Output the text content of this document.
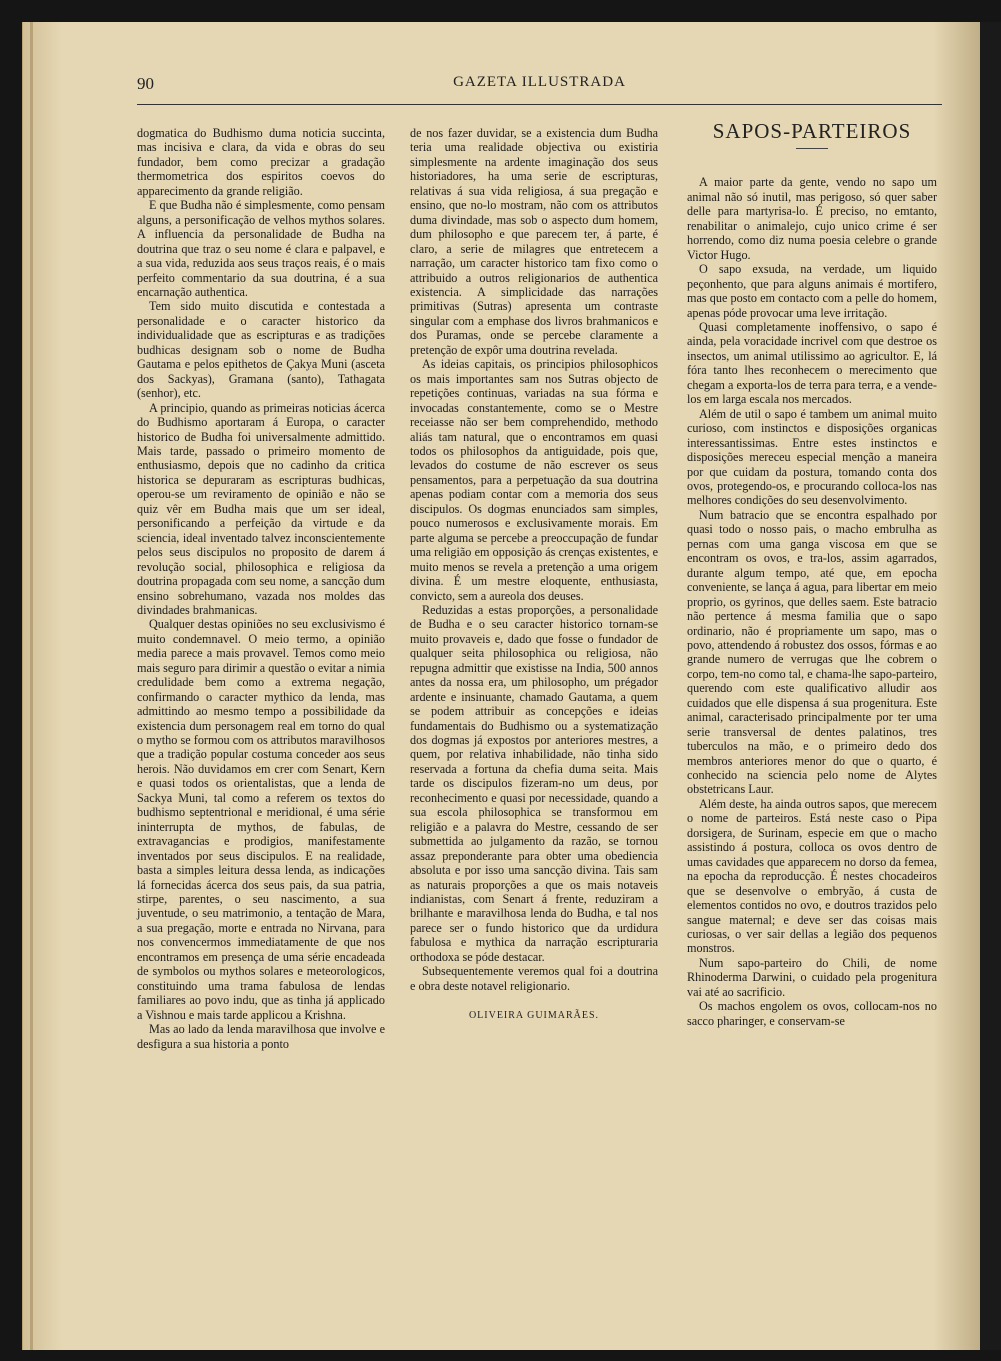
90	GAZETA ILLUSTRADA

dogmatica do Budhismo duma noticia succinta, mas incisiva e clara, da vida e obras do seu fundador, bem como precizar a gradação thermometrica dos espiritos coevos do apparecimento da grande religião.

E que Budha não é simplesmente, como pensam alguns, a personificação de velhos mythos solares. A influencia da personalidade de Budha na doutrina que traz o seu nome é clara e palpavel, e a sua vida, reduzida aos seus traços reais, é o mais perfeito commentario da sua doutrina, é a sua encarnação authentica.

Tem sido muito discutida e contestada a personalidade e o caracter historico da individualidade que as escripturas e as tradições budhicas designam sob o nome de Budha Gautama e pelos epithetos de Çakya Muni (asceta dos Sackyas), Gramana (santo), Tathagata (senhor), etc.

A principio, quando as primeiras noticias ácerca do Budhismo aportaram á Europa, o caracter historico de Budha foi universalmente admittido. Mais tarde, passado o primeiro momento de enthusiasmo, depois que no cadinho da critica historica se depuraram as escripturas budhicas, operou-se um reviramento de opinião e não se quiz vêr em Budha mais que um ser ideal, personificando a perfeição da virtude e da sciencia, ideal inventado talvez inconscientemente pelos seus discipulos no proposito de darem á revolução social, philosophica e religiosa da doutrina propagada com seu nome, a sancção dum ensino sobrehumano, vazada nos moldes das divindades brahmanicas.

Qualquer destas opiniões no seu exclusivismo é muito condemnavel. O meio termo, a opinião media parece a mais provavel. Temos como meio mais seguro para dirimir a questão o evitar a nimia credulidade bem como a extrema negação, confirmando o caracter mythico da lenda, mas admittindo ao mesmo tempo a possibilidade da existencia dum personagem real em torno do qual o mytho se formou com os attributos maravilhosos que a tradição popular costuma conceder aos seus herois. Não duvidamos em crer com Senart, Kern e quasi todos os orientalistas, que a lenda de Sackya Muni, tal como a referem os textos do budhismo septentrional e meridional, é uma série ininterrupta de mythos, de fabulas, de extravagancias e prodigios, manifestamente inventados por seus discipulos. E na realidade, basta a simples leitura dessa lenda, as indicações lá fornecidas ácerca dos seus pais, da sua patria, stirpe, parentes, o seu nascimento, a sua juventude, o seu matrimonio, a tentação de Mara, a sua pregação, morte e entrada no Nirvana, para nos convencermos immediatamente de que nos encontramos em presença de uma série encadeada de symbolos ou mythos solares e meteorologicos, constituindo uma trama fabulosa de lendas familiares ao povo indu, que as tinha já applicado a Vishnou e mais tarde applicou a Krishna.

Mas ao lado da lenda maravilhosa que involve e desfigura a sua historia a ponto

de nos fazer duvidar, se a existencia dum Budha teria uma realidade objectiva ou existiria simplesmente na ardente imaginação dos seus historiadores, ha uma serie de escripturas, relativas á sua vida religiosa, á sua pregação e ensino, que no-lo mostram, não com os attributos duma divindade, mas sob o aspecto dum homem, dum philosopho e que parecem ter, á parte, é claro, a serie de milagres que entretecem a narração, um caracter historico tam fixo como o attribuido a outros religionarios de authentica existencia. A simplicidade das narrações primitivas (Sutras) apresenta um contraste singular com a emphase dos livros brahmanicos e dos Puramas, onde se percebe claramente a pretenção de expôr uma doutrina revelada.

As ideias capitais, os principios philosophicos os mais importantes sam nos Sutras objecto de repetições continuas, variadas na sua fórma e invocadas constantemente, como se o Mestre receiasse não ser bem comprehendido, methodo aliás tam natural, que o encontramos em quasi todos os philosophos da antiguidade, pois que, levados do costume de não escrever os seus pensamentos, para a perpetuação da sua doutrina apenas podiam contar com a memoria dos seus discipulos. Os dogmas enunciados sam simples, pouco numerosos e exclusivamente morais. Em parte alguma se percebe a preoccupação de fundar uma religião em opposição ás crenças existentes, e muito menos se revela a pretenção a uma origem divina. É um mestre eloquente, enthusiasta, convicto, sem a aureola dos deuses.

Reduzidas a estas proporções, a personalidade de Budha e o seu caracter historico tornam-se muito provaveis e, dado que fosse o fundador de qualquer seita philosophica ou religiosa, não repugna admittir que existisse na India, 500 annos antes da nossa era, um philosopho, um prégador ardente e insinuante, chamado Gautama, a quem se podem attribuir as concepções e ideias fundamentais do Budhismo ou a systematização dos dogmas já expostos por anteriores mestres, a quem, por relativa inhabilidade, não tinha sido reservada a fortuna da chefia duma seita. Mais tarde os discipulos fizeram-no um deus, por reconhecimento e quasi por necessidade, quando a sua escola philosophica se transformou em religião e a palavra do Mestre, cessando de ser submettida ao julgamento da razão, se tornou assaz preponderante para obter uma obediencia absoluta e por isso uma sancção divina. Tais sam as naturais proporções a que os mais notaveis indianistas, com Senart á frente, reduziram a brilhante e maravilhosa lenda do Budha, e tal nos parece ser o fundo historico que da urdidura fabulosa e mythica da narração escripturaria orthodoxa se póde destacar.

Subsequentemente veremos qual foi a doutrina e obra deste notavel religionario.

OLIVEIRA GUIMARÃES.
SAPOS-PARTEIROS

A maior parte da gente, vendo no sapo um animal não só inutil, mas perigoso, só quer saber delle para martyrisa-lo. É preciso, no emtanto, renabilitar o animalejo, cujo unico crime é ser horrendo, como diz numa poesia celebre o grande Victor Hugo.

O sapo exsuda, na verdade, um liquido peçonhento, que para alguns animais é mortifero, mas que posto em contacto com a pelle do homem, apenas póde provocar uma leve irritação.

Quasi completamente inoffensivo, o sapo é ainda, pela voracidade incrivel com que destroe os insectos, um animal utilissimo ao agricultor. E, lá fóra tanto lhes reconhecem o merecimento que chegam a exporta-los de terra para terra, e a vende-los em larga escala nos mercados.

Além de util o sapo é tambem um animal muito curioso, com instinctos e disposições organicas interessantissimas. Entre estes instinctos e disposições mereceu especial menção a maneira por que cuidam da postura, tomando conta dos ovos, protegendo-os, e procurando colloca-los nas melhores condições do seu desenvolvimento.

Num batracio que se encontra espalhado por quasi todo o nosso pais, o macho embrulha as pernas com uma ganga viscosa em que se encontram os ovos, e tra-los, assim agarrados, durante algum tempo, até que, em epocha conveniente, se lança á agua, para libertar em meio proprio, os gyrinos, que delles saem. Este batracio não pertence á mesma familia que o sapo ordinario, não é propriamente um sapo, mas o povo, attendendo á robustez dos ossos, fórmas e ao grande numero de verrugas que lhe cobrem o corpo, tem-no como tal, e chama-lhe sapo-parteiro, querendo com este qualificativo alludir aos cuidados que elle dispensa á sua progenitura. Este animal, caracterisado principalmente por ter uma serie transversal de dentes palatinos, tres tuberculos na mão, e o primeiro dedo dos membros anteriores menor do que o quarto, é conhecido na sciencia pelo nome de Alytes obstetricans Laur.

Além deste, ha ainda outros sapos, que merecem o nome de parteiros. Está neste caso o Pipa dorsigera, de Surinam, especie em que o macho assistindo á postura, colloca os ovos dentro de umas cavidades que apparecem no dorso da femea, na epocha da reproducção. É nestes chocadeiros que se desenvolve o embryão, á custa de elementos contidos no ovo, e doutros trazidos pelo sangue maternal; e deve ser das coisas mais curiosas, o ver sair dellas a legião dos pequenos monstros.

Num sapo-parteiro do Chili, de nome Rhinoderma Darwini, o cuidado pela progenitura vai até ao sacrificio.

Os machos engolem os ovos, collocam-nos no sacco pharinger, e conservam-se
